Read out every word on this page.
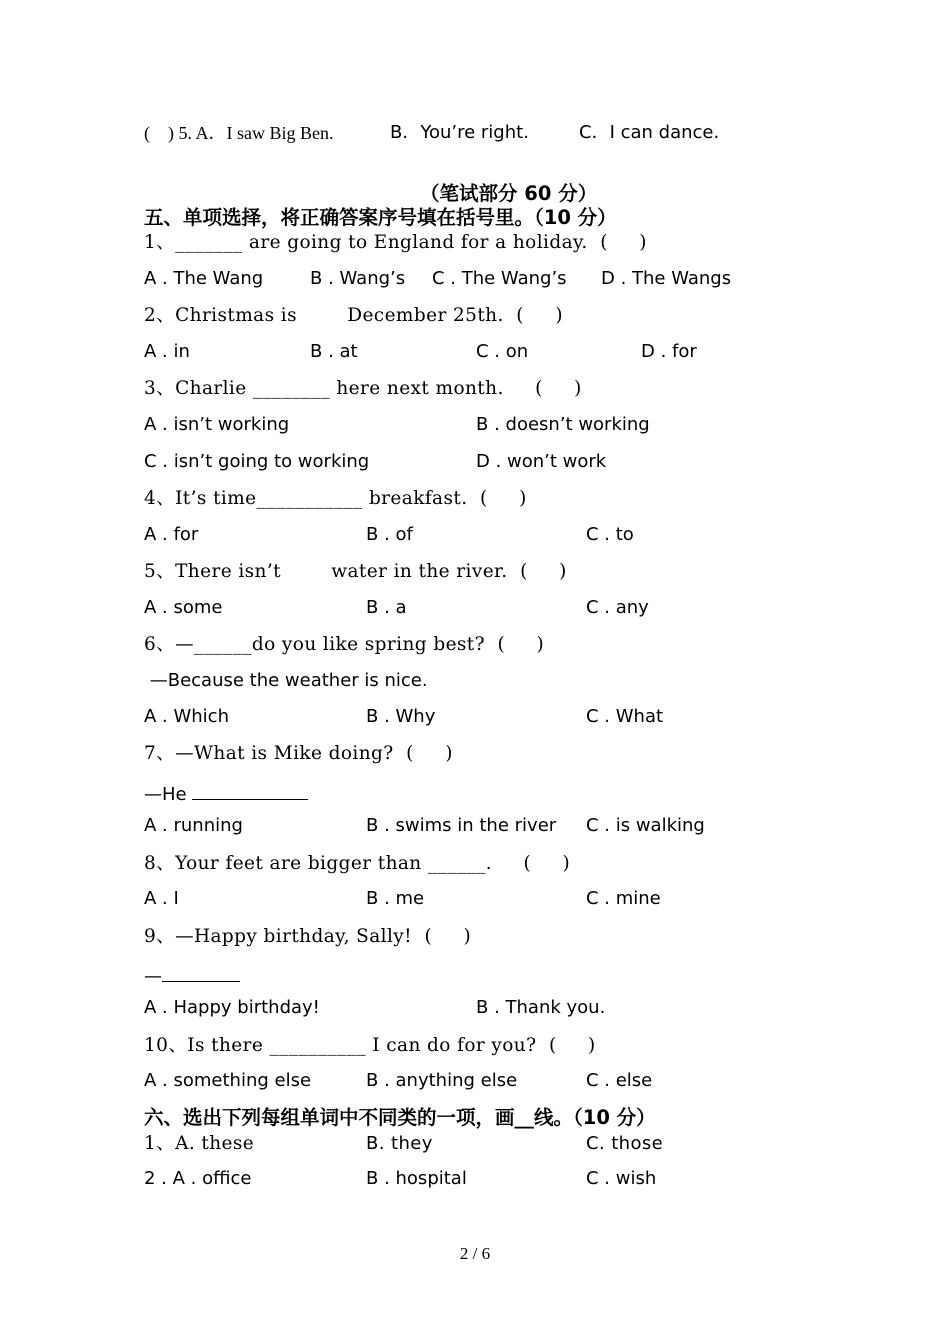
(    ) 5. A．I saw Big Ben.	B．You’re right.	C．I can dance.
（笔试部分 60 分）
五、单项选择，将正确答案序号填在括号里。（10 分）
1、_______ are going to England for a holiday.  (     )
A . The Wang	B . Wang’s C . The Wang’s D . The Wangs
2、Christmas is        December 25th.  (     )
A . in	B . at	C . on	D . for
3、Charlie ________ here next month.     (     )
A . isn’t working	B . doesn’t working
C . isn’t going to working	D . won’t work
4、It’s time___________ breakfast.  (     )
A . for	B . of	C . to
5、There isn’t        water in the river.  (     )
A . some	B . a	C . any
6、—______do you like spring best?  (     )
—Because the weather is nice.
A . Which	B . Why	C . What
7、—What is Mike doing?  (     )
—He
A . running	B . swims in the river C . is walking
8、Your feet are bigger than ______.     (     )
A . I	B . me	C . mine
9、—Happy birthday, Sally!  (     )
—
A . Happy birthday!	B . Thank you.
10、Is there __________ I can do for you?  (     )
A . something else	B . anything else	C . else
六、选出下列每组单词中不同类的一项，画__线。（10 分）
1、A. these	B. they	C. those
2 . A . office	B . hospital	C . wish
2 / 6
